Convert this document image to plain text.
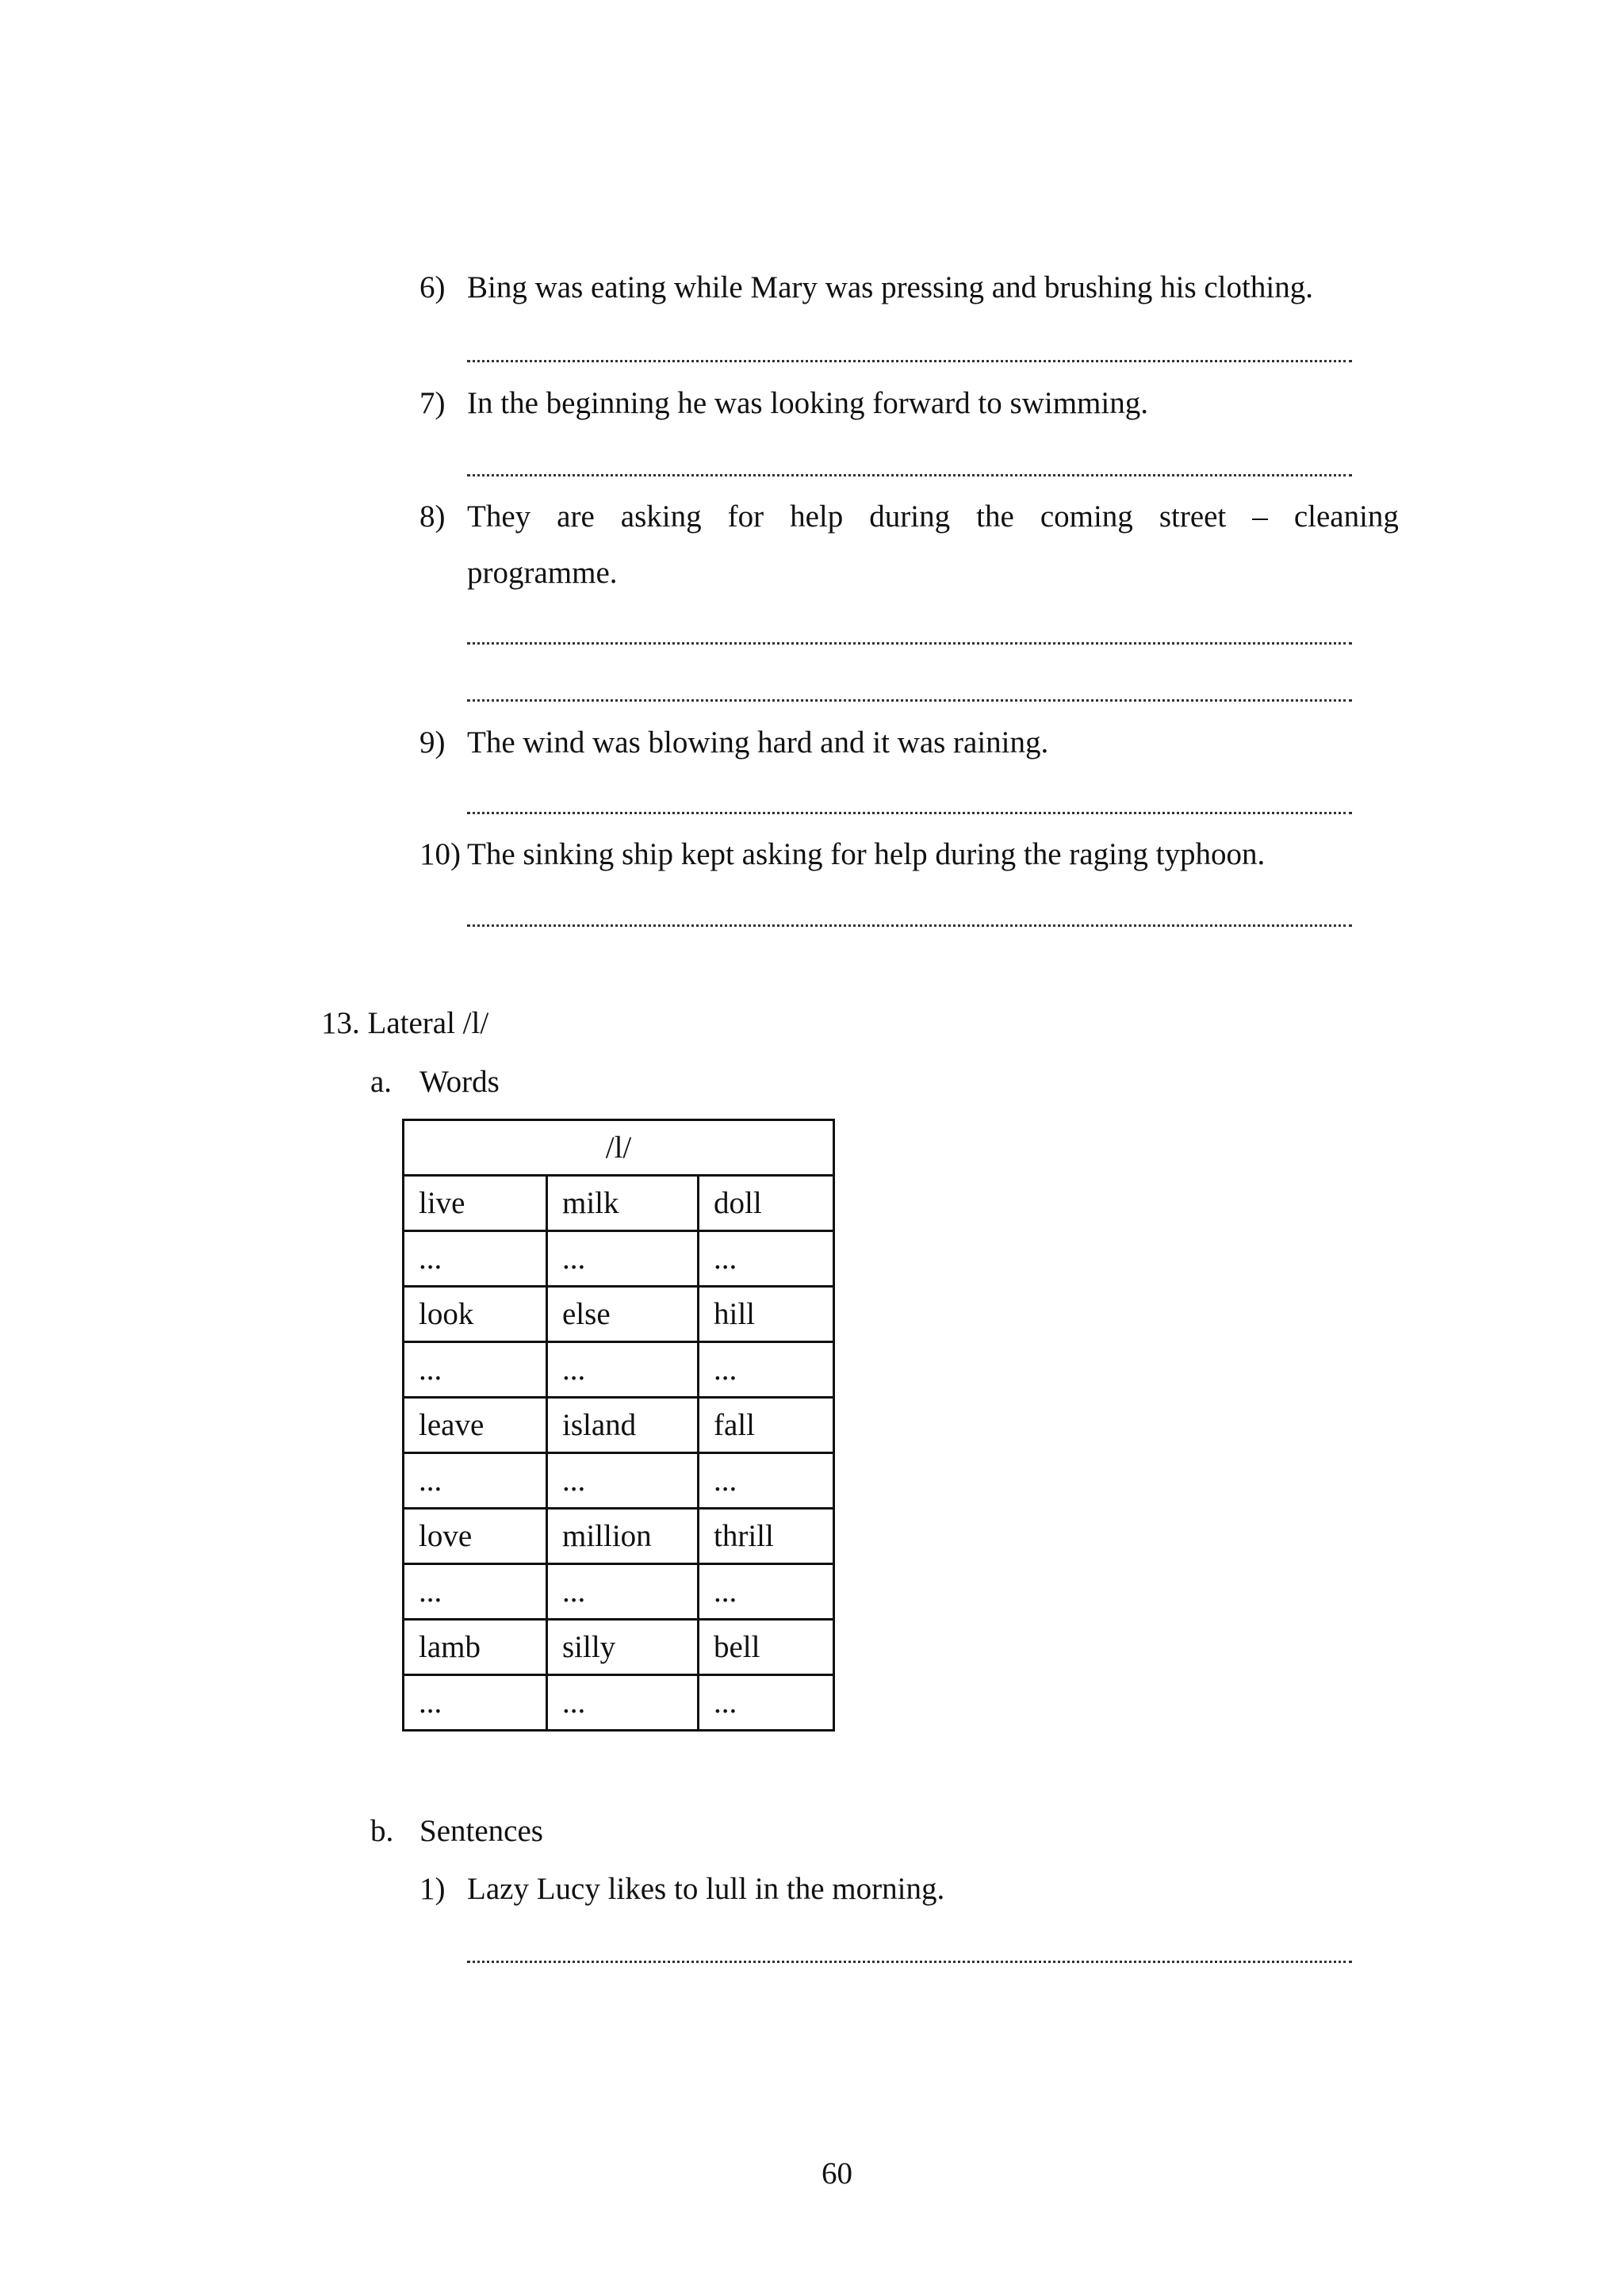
6) Bing was eating while Mary was pressing and brushing his clothing.
7) In the beginning he was looking forward to swimming.
8) They are asking for help during the coming street – cleaning
programme.
9) The wind was blowing hard and it was raining.
10) The sinking ship kept asking for help during the raging typhoon.
13. Lateral /l/
a. Words
/l/		
live	milk	doll
...	...	...
look	else	hill
...	...	...
leave	island	fall
...	...	...
love	million	thrill
...	...	...
lamb	silly	bell
...	...	...
b. Sentences
1) Lazy Lucy likes to lull in the morning.
60
